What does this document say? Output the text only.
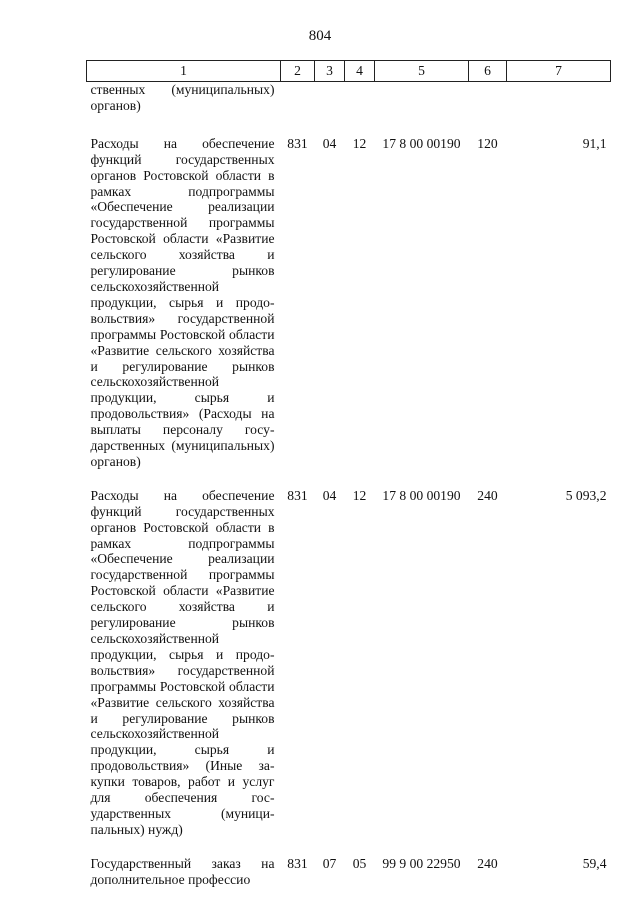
804
1	2	3	4	5	6	7
ственных (муниципальных) органов)						

Расходы на обеспечение функций государственных органов Ростовской области в рамках подпрограммы «Обеспечение реализации государственной программы Ростовской области «Развитие сельского хозяйства и регулирование рынков сельскохозяйственной продукции, сырья и продовольствия» государственной программы Ростовской области «Развитие сельского хозяйства и регулирование рынков сельскохозяйственной продукции, сырья и продовольствия» (Расходы на выплаты персоналу государственных (муниципальных) органов)	831	04	12	17 8 00 00190	120	91,1

Расходы на обеспечение функций государственных органов Ростовской области в рамках подпрограммы «Обеспечение реализации государственной программы Ростовской области «Развитие сельского хозяйства и регулирование рынков сельскохозяйственной продукции, сырья и продовольствия» государственной программы Ростовской области «Развитие сельского хозяйства и регулирование рынков сельскохозяйственной продукции, сырья и продовольствия» (Иные закупки товаров, работ и услуг для обеспечения государственных (муниципальных) нужд)	831	04	12	17 8 00 00190	240	5 093,2

Государственный заказ на дополнительное профессио	831	07	05	99 9 00 22950	240	59,4
